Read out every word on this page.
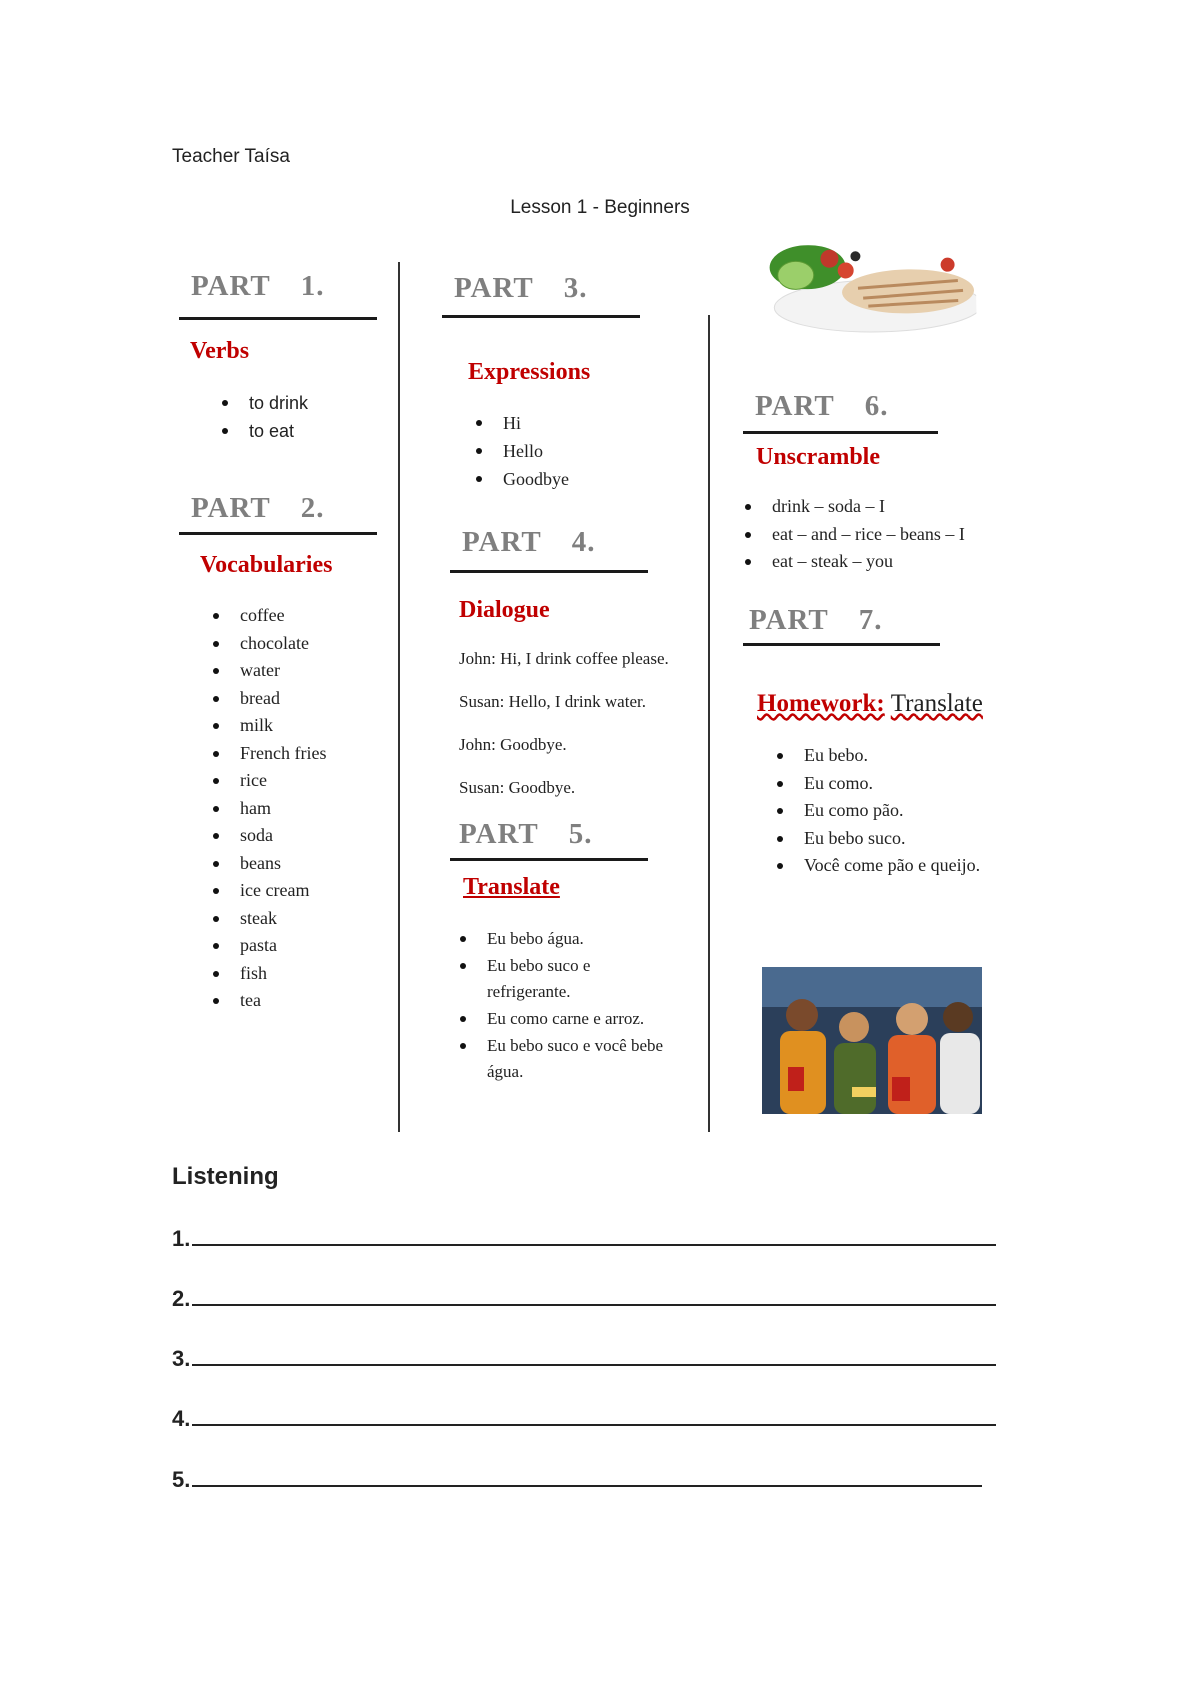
Teacher Taísa
Lesson 1 - Beginners
PART 1.
Verbs
to drink
to eat
PART 2.
Vocabularies
coffee
chocolate
water
bread
milk
French fries
rice
ham
soda
beans
ice cream
steak
pasta
fish
tea
PART 3.
Expressions
Hi
Hello
Goodbye
PART 4.
Dialogue

John: Hi, I drink coffee please.

Susan: Hello, I drink water.

John: Goodbye.

Susan: Goodbye.

PART 5.
Translate
Eu bebo água.
Eu bebo suco e refrigerante.
Eu como carne e arroz.
Eu bebo suco e você bebe água.
PART 6.
Unscramble
drink – soda – I
eat – and – rice – beans – I
eat – steak – you
PART 7.
Homework: Translate
Eu bebo.
Eu como.
Eu como pão.
Eu bebo suco.
Você come pão e queijo.
Listening
1.
2.
3.
4.
5.
